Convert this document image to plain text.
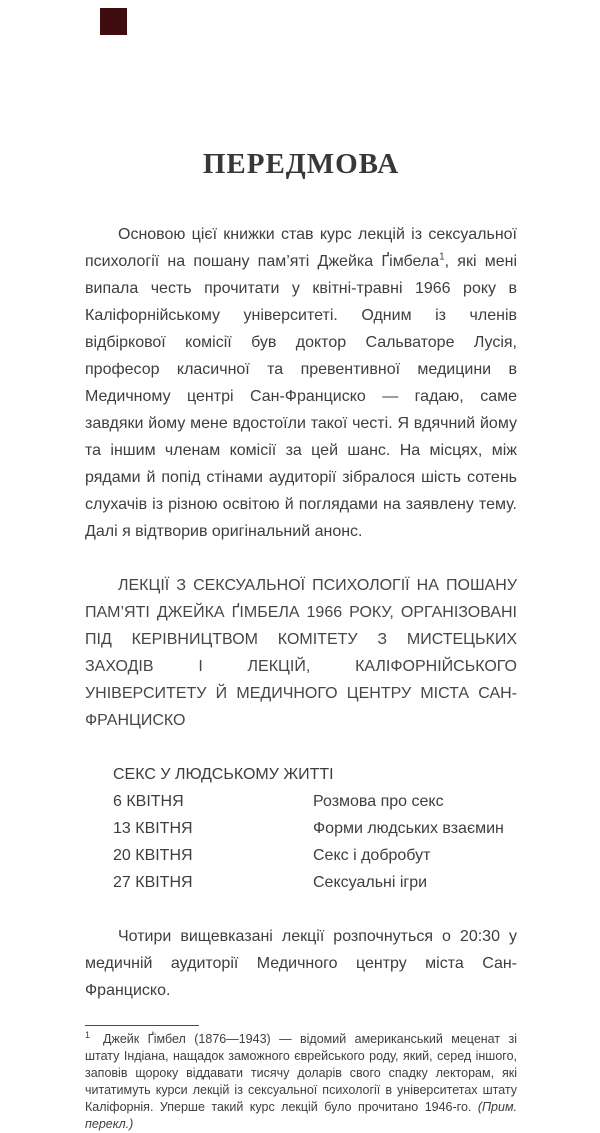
ПЕРЕДМОВА

Основою цієї книжки став курс лекцій із сексуальної психології на пошану пам’яті Джейка Ґімбела$^1$, які мені випала честь прочитати у квітні-травні 1966 року в Каліфорнійському університеті. Одним із членів відбіркової комісії був доктор Сальваторе Лусія, професор класичної та превентивної медицини в Медичному центрі Сан-Франциско — гадаю, саме завдяки йому мене вдостоїли такої честі. Я вдячний йому та іншим членам комісії за цей шанс. На місцях, між рядами й попід стінами аудиторії зібралося шість сотень слухачів із різною освітою й поглядами на заявлену тему. Далі я відтворив оригінальний анонс.

ЛЕКЦІЇ З СЕКСУАЛЬНОЇ ПСИХОЛОГІЇ НА ПОШАНУ ПАМ’ЯТІ ДЖЕЙКА ҐІМБЕЛА 1966 РОКУ, ОРГАНІЗОВАНІ ПІД КЕРІВНИЦТВОМ КОМІТЕТУ З МИСТЕЦЬКИХ ЗАХОДІВ І ЛЕКЦІЙ, КАЛІФОРНІЙСЬКОГО УНІВЕРСИТЕТУ Й МЕДИЧНОГО ЦЕНТРУ МІСТА САН-ФРАНЦИСКО

СЕКС У ЛЮДСЬКОМУ ЖИТТІ

6 КВІТНЯ	Розмова про секс
13 КВІТНЯ	Форми людських взаємин
20 КВІТНЯ	Секс і добробут
27 КВІТНЯ	Сексуальні ігри

Чотири вищевказані лекції розпочнуться о 20:30 у медичній аудиторії Медичного центру міста Сан-Франциско.

$^1$ Джейк Ґімбел (1876—1943) — відомий американський меценат зі штату Індіана, нащадок заможного єврейського роду, який, серед іншого, заповів щороку віддавати тисячу доларів свого спадку лекторам, які читатимуть курси лекцій із сексуальної психології в університетах штату Каліфорнія. Уперше такий курс лекцій було прочитано 1946-го. (Прим. перекл.)
